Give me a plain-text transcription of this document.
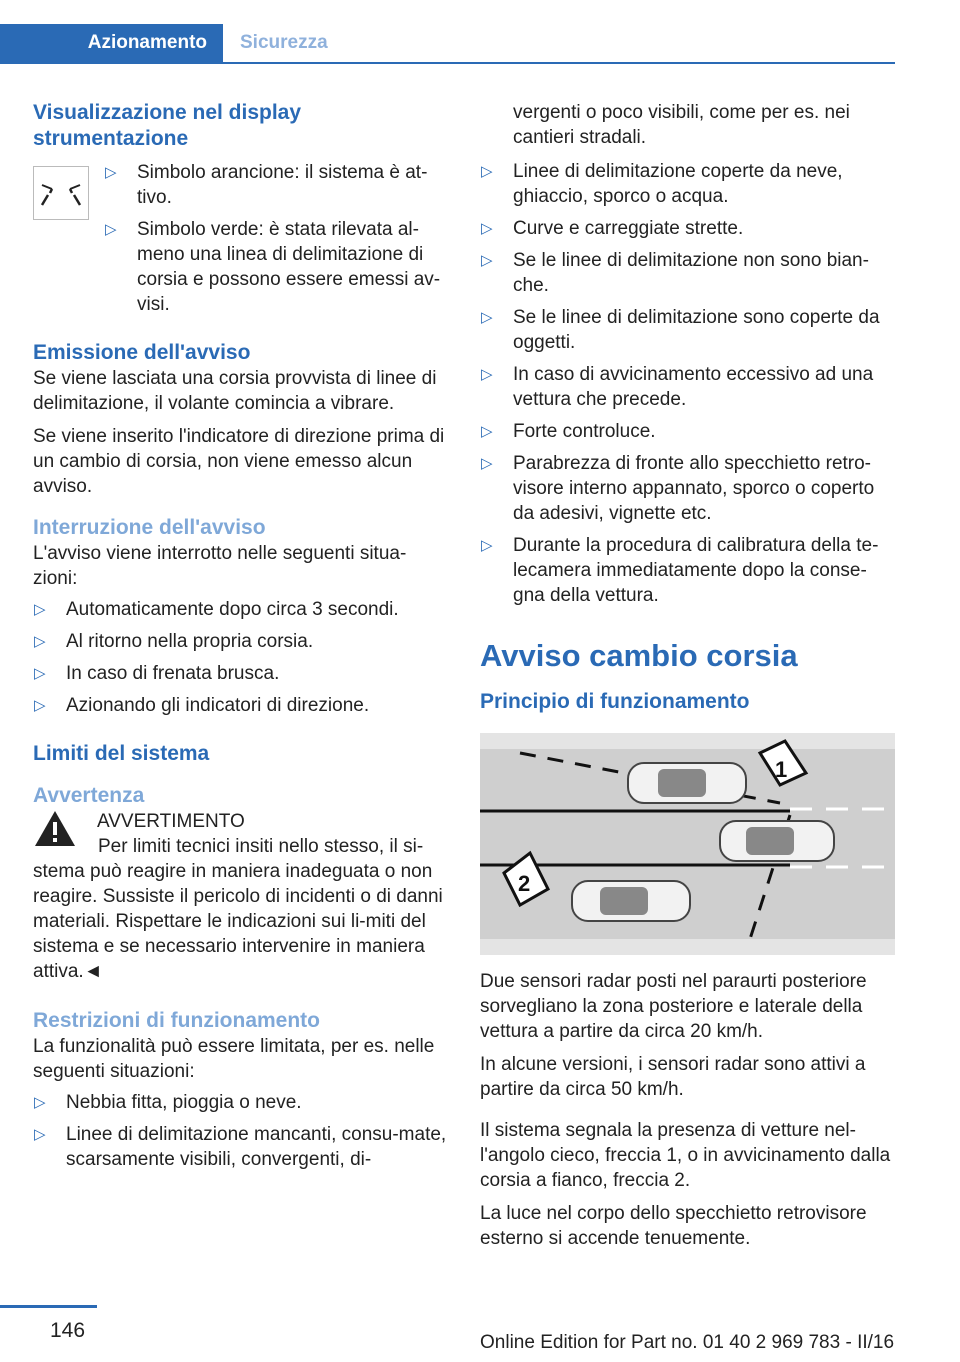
Azionamento	Sicurezza
Visualizzazione nel display strumentazione
▷ Simbolo arancione: il sistema è at-tivo.
▷ Simbolo verde: è stata rilevata al-meno una linea di delimitazione di corsia e possono essere emessi av-visi.
Emissione dell'avviso

Se viene lasciata una corsia provvista di linee di delimitazione, il volante comincia a vibrare.

Se viene inserito l'indicatore di direzione prima di un cambio di corsia, non viene emesso alcun avviso.

Interruzione dell'avviso

L'avviso viene interrotto nelle seguenti situa-zioni:

▷ Automaticamente dopo circa 3 secondi.
▷ Al ritorno nella propria corsia.
▷ In caso di frenata brusca.
▷ Azionando gli indicatori di direzione.
Limiti del sistema
Avvertenza

AVVERTIMENTO

Per limiti tecnici insiti nello stesso, il si-stema può reagire in maniera inadeguata o non reagire. Sussiste il pericolo di incidenti o di danni materiali. Rispettare le indicazioni sui li-miti del sistema e se necessario intervenire in maniera attiva.◄

Restrizioni di funzionamento

La funzionalità può essere limitata, per es. nelle seguenti situazioni:

▷ Nebbia fitta, pioggia o neve.
▷ Linee di delimitazione mancanti, consu-mate, scarsamente visibili, convergenti, di-

vergenti o poco visibili, come per es. nei cantieri stradali.

▷ Linee di delimitazione coperte da neve, ghiaccio, sporco o acqua.
▷ Curve e carreggiate strette.
▷ Se le linee di delimitazione non sono bian-che.
▷ Se le linee di delimitazione sono coperte da oggetti.
▷ In caso di avvicinamento eccessivo ad una vettura che precede.
▷ Forte controluce.
▷ Parabrezza di fronte allo specchietto retro-visore interno appannato, sporco o coperto da adesivi, vignette etc.
▷ Durante la procedura di calibratura della te-lecamera immediatamente dopo la conse-gna della vettura.
Avviso cambio corsia
Principio di funzionamento
1
2

Due sensori radar posti nel paraurti posteriore sorvegliano la zona posteriore e laterale della vettura a partire da circa 20 km/h.

In alcune versioni, i sensori radar sono attivi a partire da circa 50 km/h.

Il sistema segnala la presenza di vetture nel-l'angolo cieco, freccia 1, o in avvicinamento dalla corsia a fianco, freccia 2.

La luce nel corpo dello specchietto retrovisore esterno si accende tenuemente.

146
Online Edition for Part no. 01 40 2 969 783 - II/16
